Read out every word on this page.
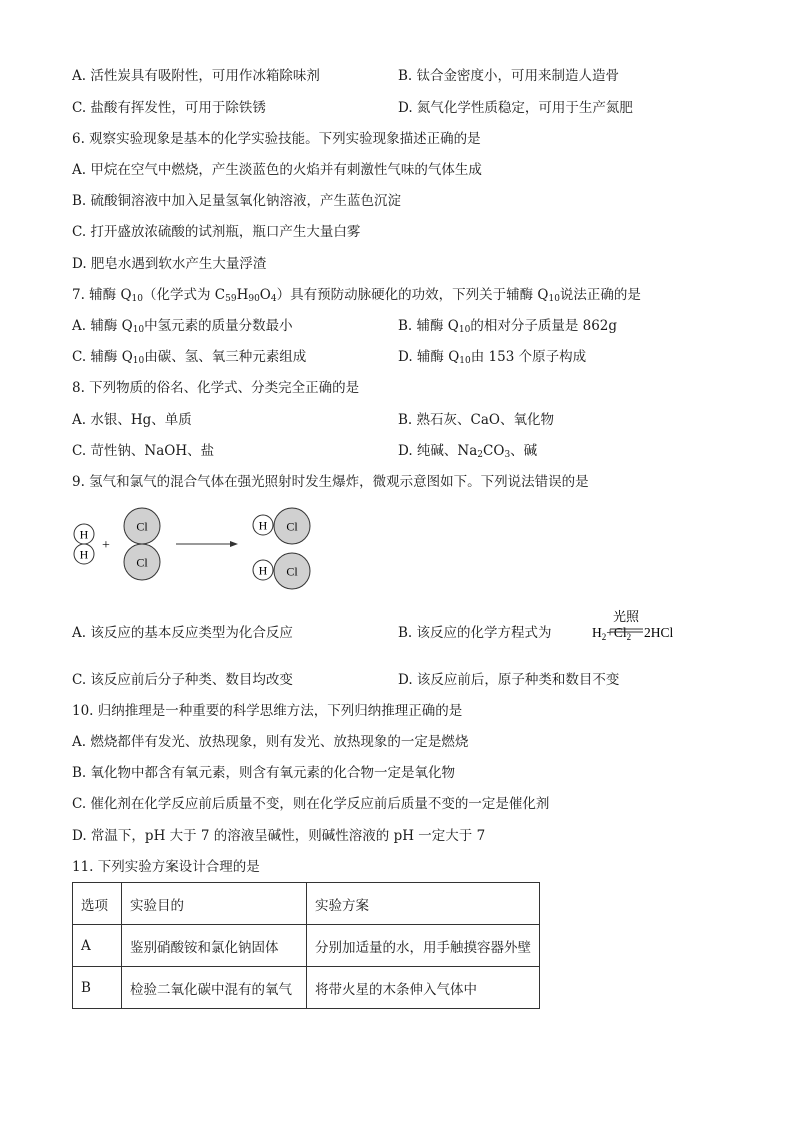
A. 活性炭具有吸附性，可用作冰箱除味剂	B. 钛合金密度小，可用来制造人造骨
C. 盐酸有挥发性，可用于除铁锈	D. 氮气化学性质稳定，可用于生产氮肥
6. 观察实验现象是基本的化学实验技能。下列实验现象描述正确的是
A. 甲烷在空气中燃烧，产生淡蓝色的火焰并有刺激性气味的气体生成
B. 硫酸铜溶液中加入足量氢氧化钠溶液，产生蓝色沉淀
C. 打开盛放浓硫酸的试剂瓶，瓶口产生大量白雾
D. 肥皂水遇到软水产生大量浮渣
7. 辅酶 $Q_{10}$（化学式为 $C_{59}H_{90}O_4$）具有预防动脉硬化的功效，下列关于辅酶 $Q_{10}$说法正确的是
A. 辅酶 $Q_{10}$中氢元素的质量分数最小	B. 辅酶 $Q_{10}$的相对分子质量是 862g
C. 辅酶 $Q_{10}$由碳、氢、氧三种元素组成	D. 辅酶 $Q_{10}$由 153 个原子构成
8. 下列物质的俗名、化学式、分类完全正确的是
A. 水银、Hg、单质	B. 熟石灰、CaO、氧化物
C. 苛性钠、NaOH、盐	D. 纯碱、$Na_2CO_3$、碱
9. 氢气和氯气的混合气体在强光照射时发生爆炸，微观示意图如下。下列说法错误的是
H
H
+
Cl
Cl
H Cl
H Cl
A. 该反应的基本反应类型为化合反应	B. 该反应的化学方程式为	$H_2+Cl_2$
光照
2HCl
C. 该反应前后分子种类、数目均改变	D. 该反应前后，原子种类和数目不变
10. 归纳推理是一种重要的科学思维方法，下列归纳推理正确的是
A. 燃烧都伴有发光、放热现象，则有发光、放热现象的一定是燃烧
B. 氧化物中都含有氧元素，则含有氧元素的化合物一定是氧化物
C. 催化剂在化学反应前后质量不变，则在化学反应前后质量不变的一定是催化剂
D. 常温下，pH 大于 7 的溶液呈碱性，则碱性溶液的 pH 一定大于 7
11. 下列实验方案设计合理的是
选项	实验目的	实验方案
A	鉴别硝酸铵和氯化钠固体	分别加适量的水，用手触摸容器外壁
B	检验二氧化碳中混有的氧气	将带火星的木条伸入气体中
